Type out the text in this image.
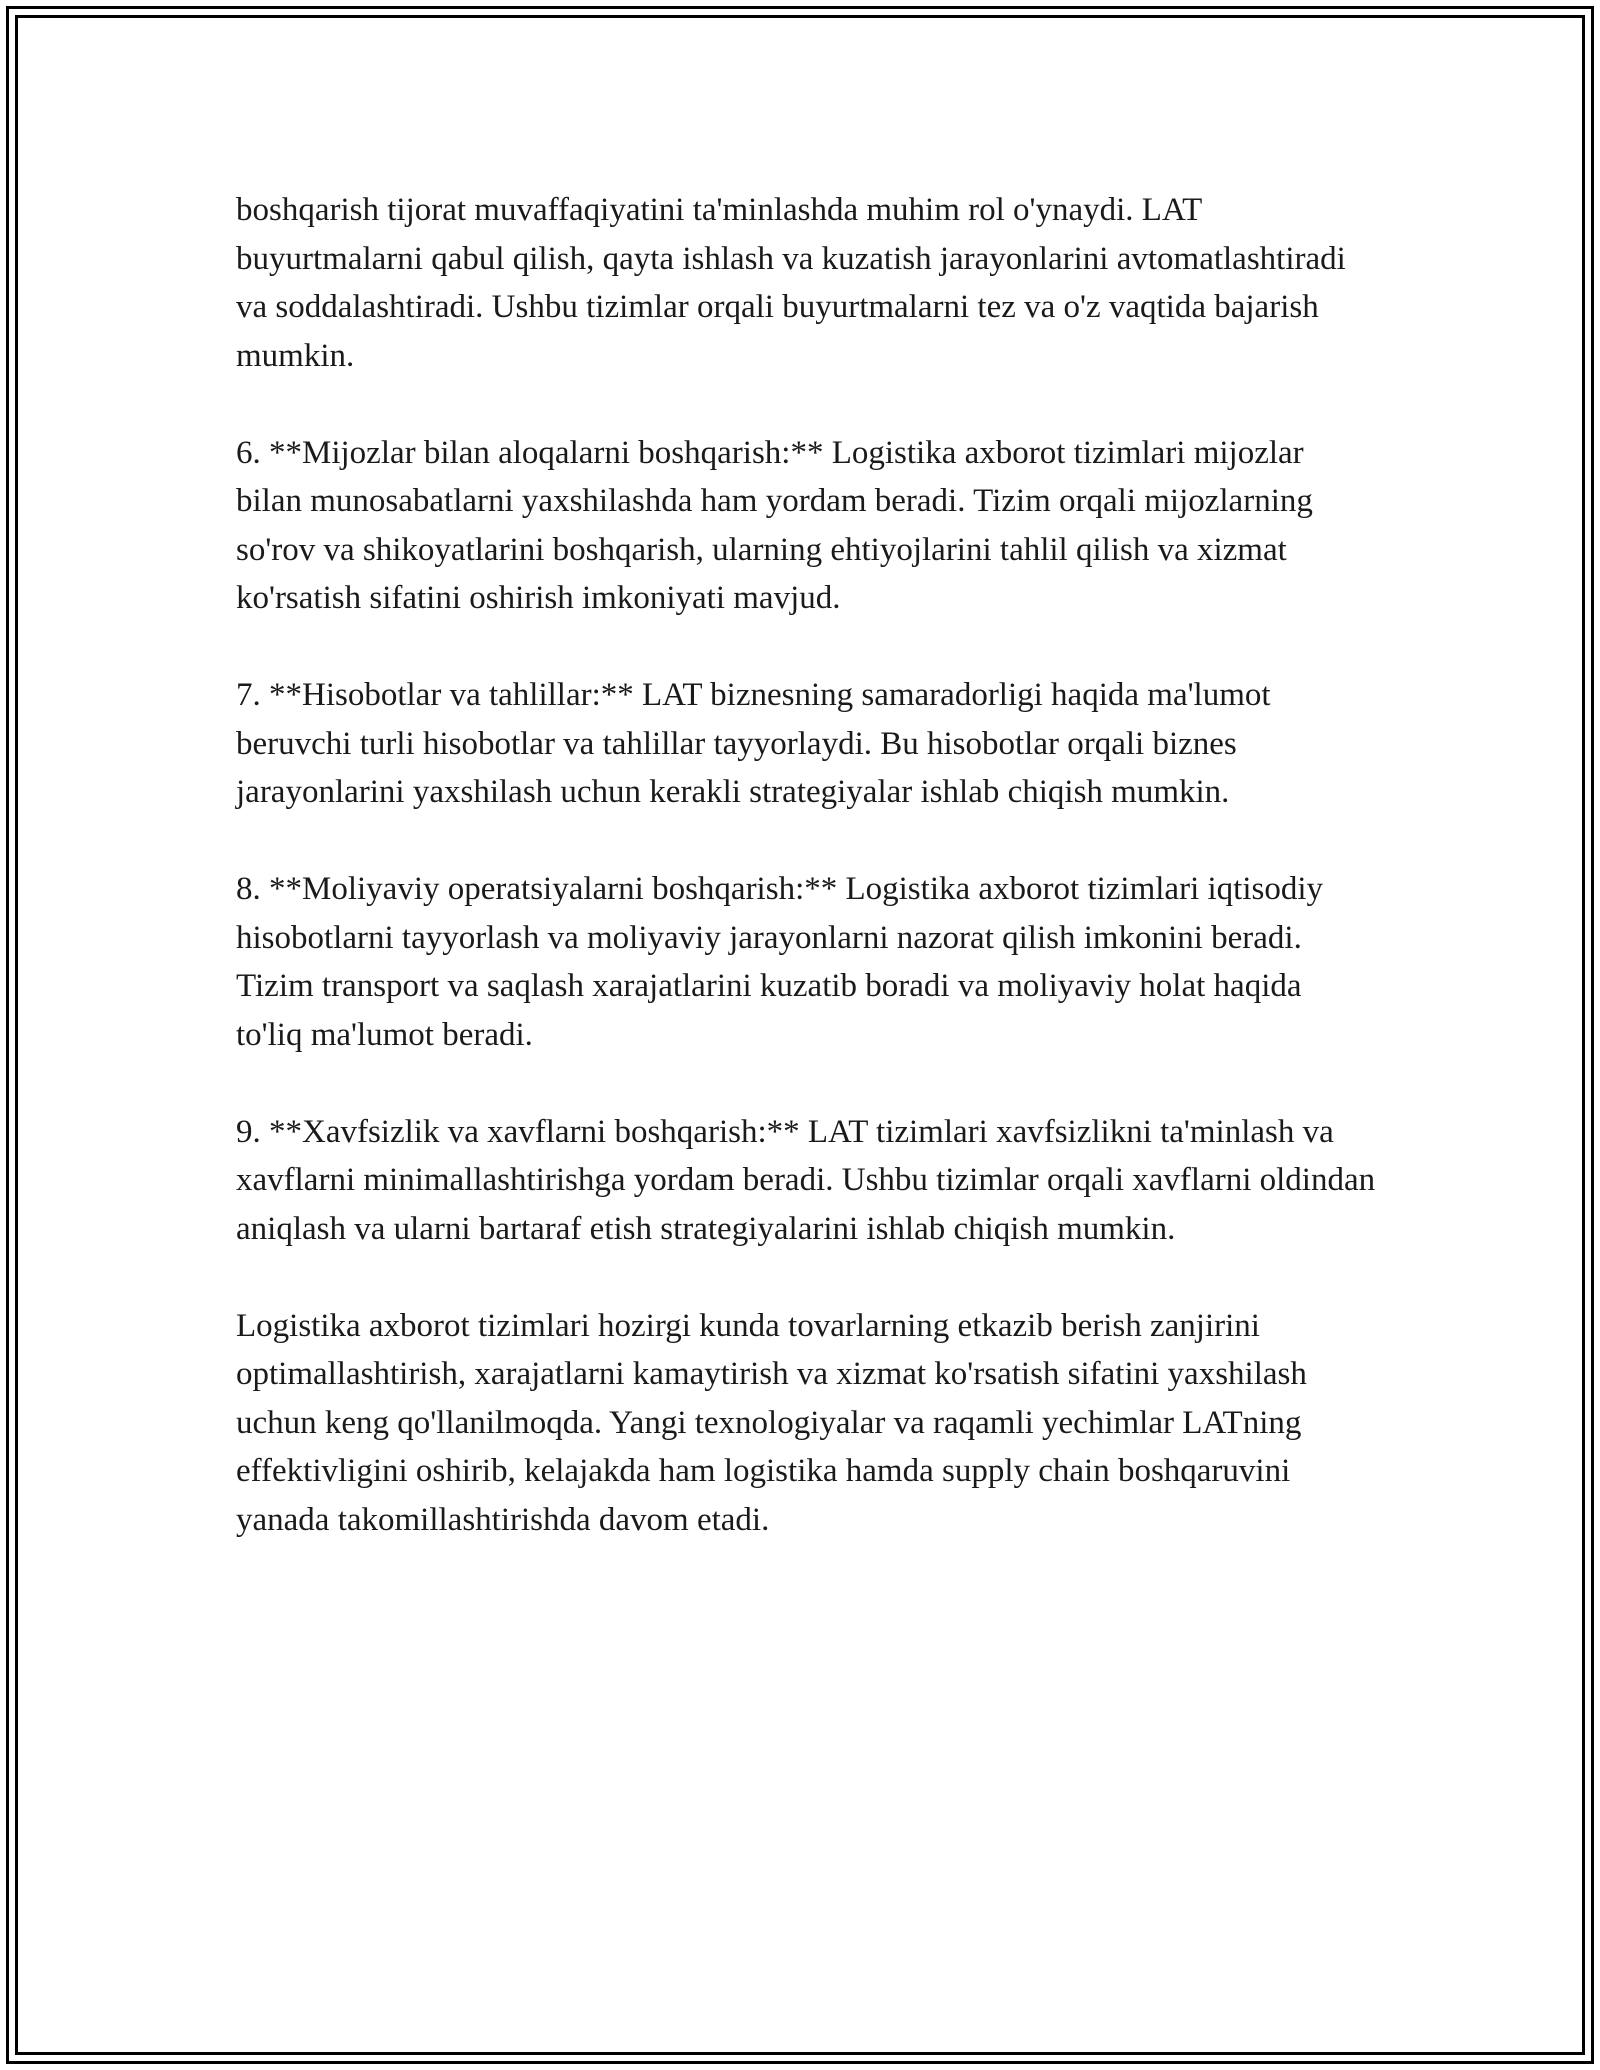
boshqarish tijorat muvaffaqiyatini ta'minlashda muhim rol o'ynaydi. LAT buyurtmalarni qabul qilish, qayta ishlash va kuzatish jarayonlarini avtomatlashtiradi va soddalashtiradi. Ushbu tizimlar orqali buyurtmalarni tez va o'z vaqtida bajarish mumkin.

6. **Mijozlar bilan aloqalarni boshqarish:** Logistika axborot tizimlari mijozlar bilan munosabatlarni yaxshilashda ham yordam beradi. Tizim orqali mijozlarning so'rov va shikoyatlarini boshqarish, ularning ehtiyojlarini tahlil qilish va xizmat ko'rsatish sifatini oshirish imkoniyati mavjud.

7. **Hisobotlar va tahlillar:** LAT biznesning samaradorligi haqida ma'lumot beruvchi turli hisobotlar va tahlillar tayyorlaydi. Bu hisobotlar orqali biznes jarayonlarini yaxshilash uchun kerakli strategiyalar ishlab chiqish mumkin.

8. **Moliyaviy operatsiyalarni boshqarish:** Logistika axborot tizimlari iqtisodiy hisobotlarni tayyorlash va moliyaviy jarayonlarni nazorat qilish imkonini beradi. Tizim transport va saqlash xarajatlarini kuzatib boradi va moliyaviy holat haqida to'liq ma'lumot beradi.

9. **Xavfsizlik va xavflarni boshqarish:** LAT tizimlari xavfsizlikni ta'minlash va xavflarni minimallashtirishga yordam beradi. Ushbu tizimlar orqali xavflarni oldindan aniqlash va ularni bartaraf etish strategiyalarini ishlab chiqish mumkin.

Logistika axborot tizimlari hozirgi kunda tovarlarning etkazib berish zanjirini optimallashtirish, xarajatlarni kamaytirish va xizmat ko'rsatish sifatini yaxshilash uchun keng qo'llanilmoqda. Yangi texnologiyalar va raqamli yechimlar LATning effektivligini oshirib, kelajakda ham logistika hamda supply chain boshqaruvini yanada takomillashtirishda davom etadi.
